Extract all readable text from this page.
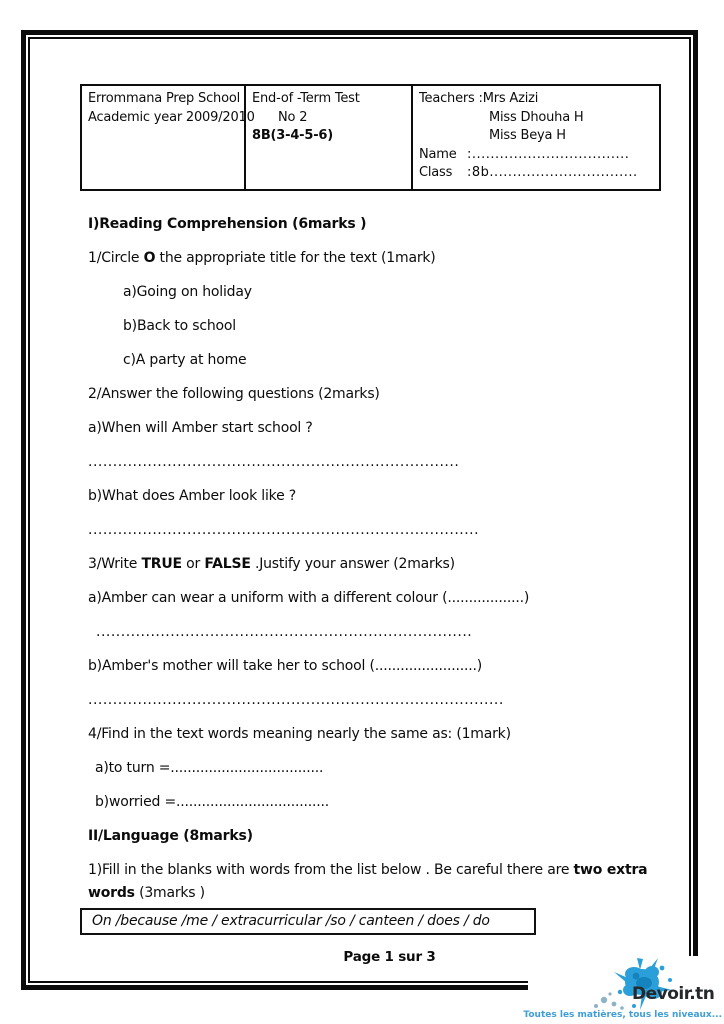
Errommana Prep School
Academic year 2009/2010
End-of -Term Test
No 2
8B(3-4-5-6)
Teachers :Mrs Azizi
Miss Dhouha H
Miss Beya H
Name :..................................
Class	:8b................................
I)Reading Comprehension (6marks )
1/Circle O the appropriate title for the text (1mark)
a)Going on holiday
b)Back to school
c)A party at home
2/Answer the following questions (2marks)
a)When will Amber start school ?
...........................................................................
b)What does Amber look like ?
...............................................................................
3/Write TRUE or FALSE .Justify your answer (2marks)
a)Amber can wear a uniform with a different colour (..................)
............................................................................
b)Amber's mother will take her to school (........................)
....................................................................................
4/Find in the text words meaning nearly the same as: (1mark)
a)to turn =....................................
b)worried =....................................
II/Language (8marks)
1)Fill in the blanks with words from the list below . Be careful there are two extra
words (3marks )
On /because /me / extracurricular /so / canteen / does / do
Page 1 sur 3
Devoir.tn
Toutes les matières, tous les niveaux...
